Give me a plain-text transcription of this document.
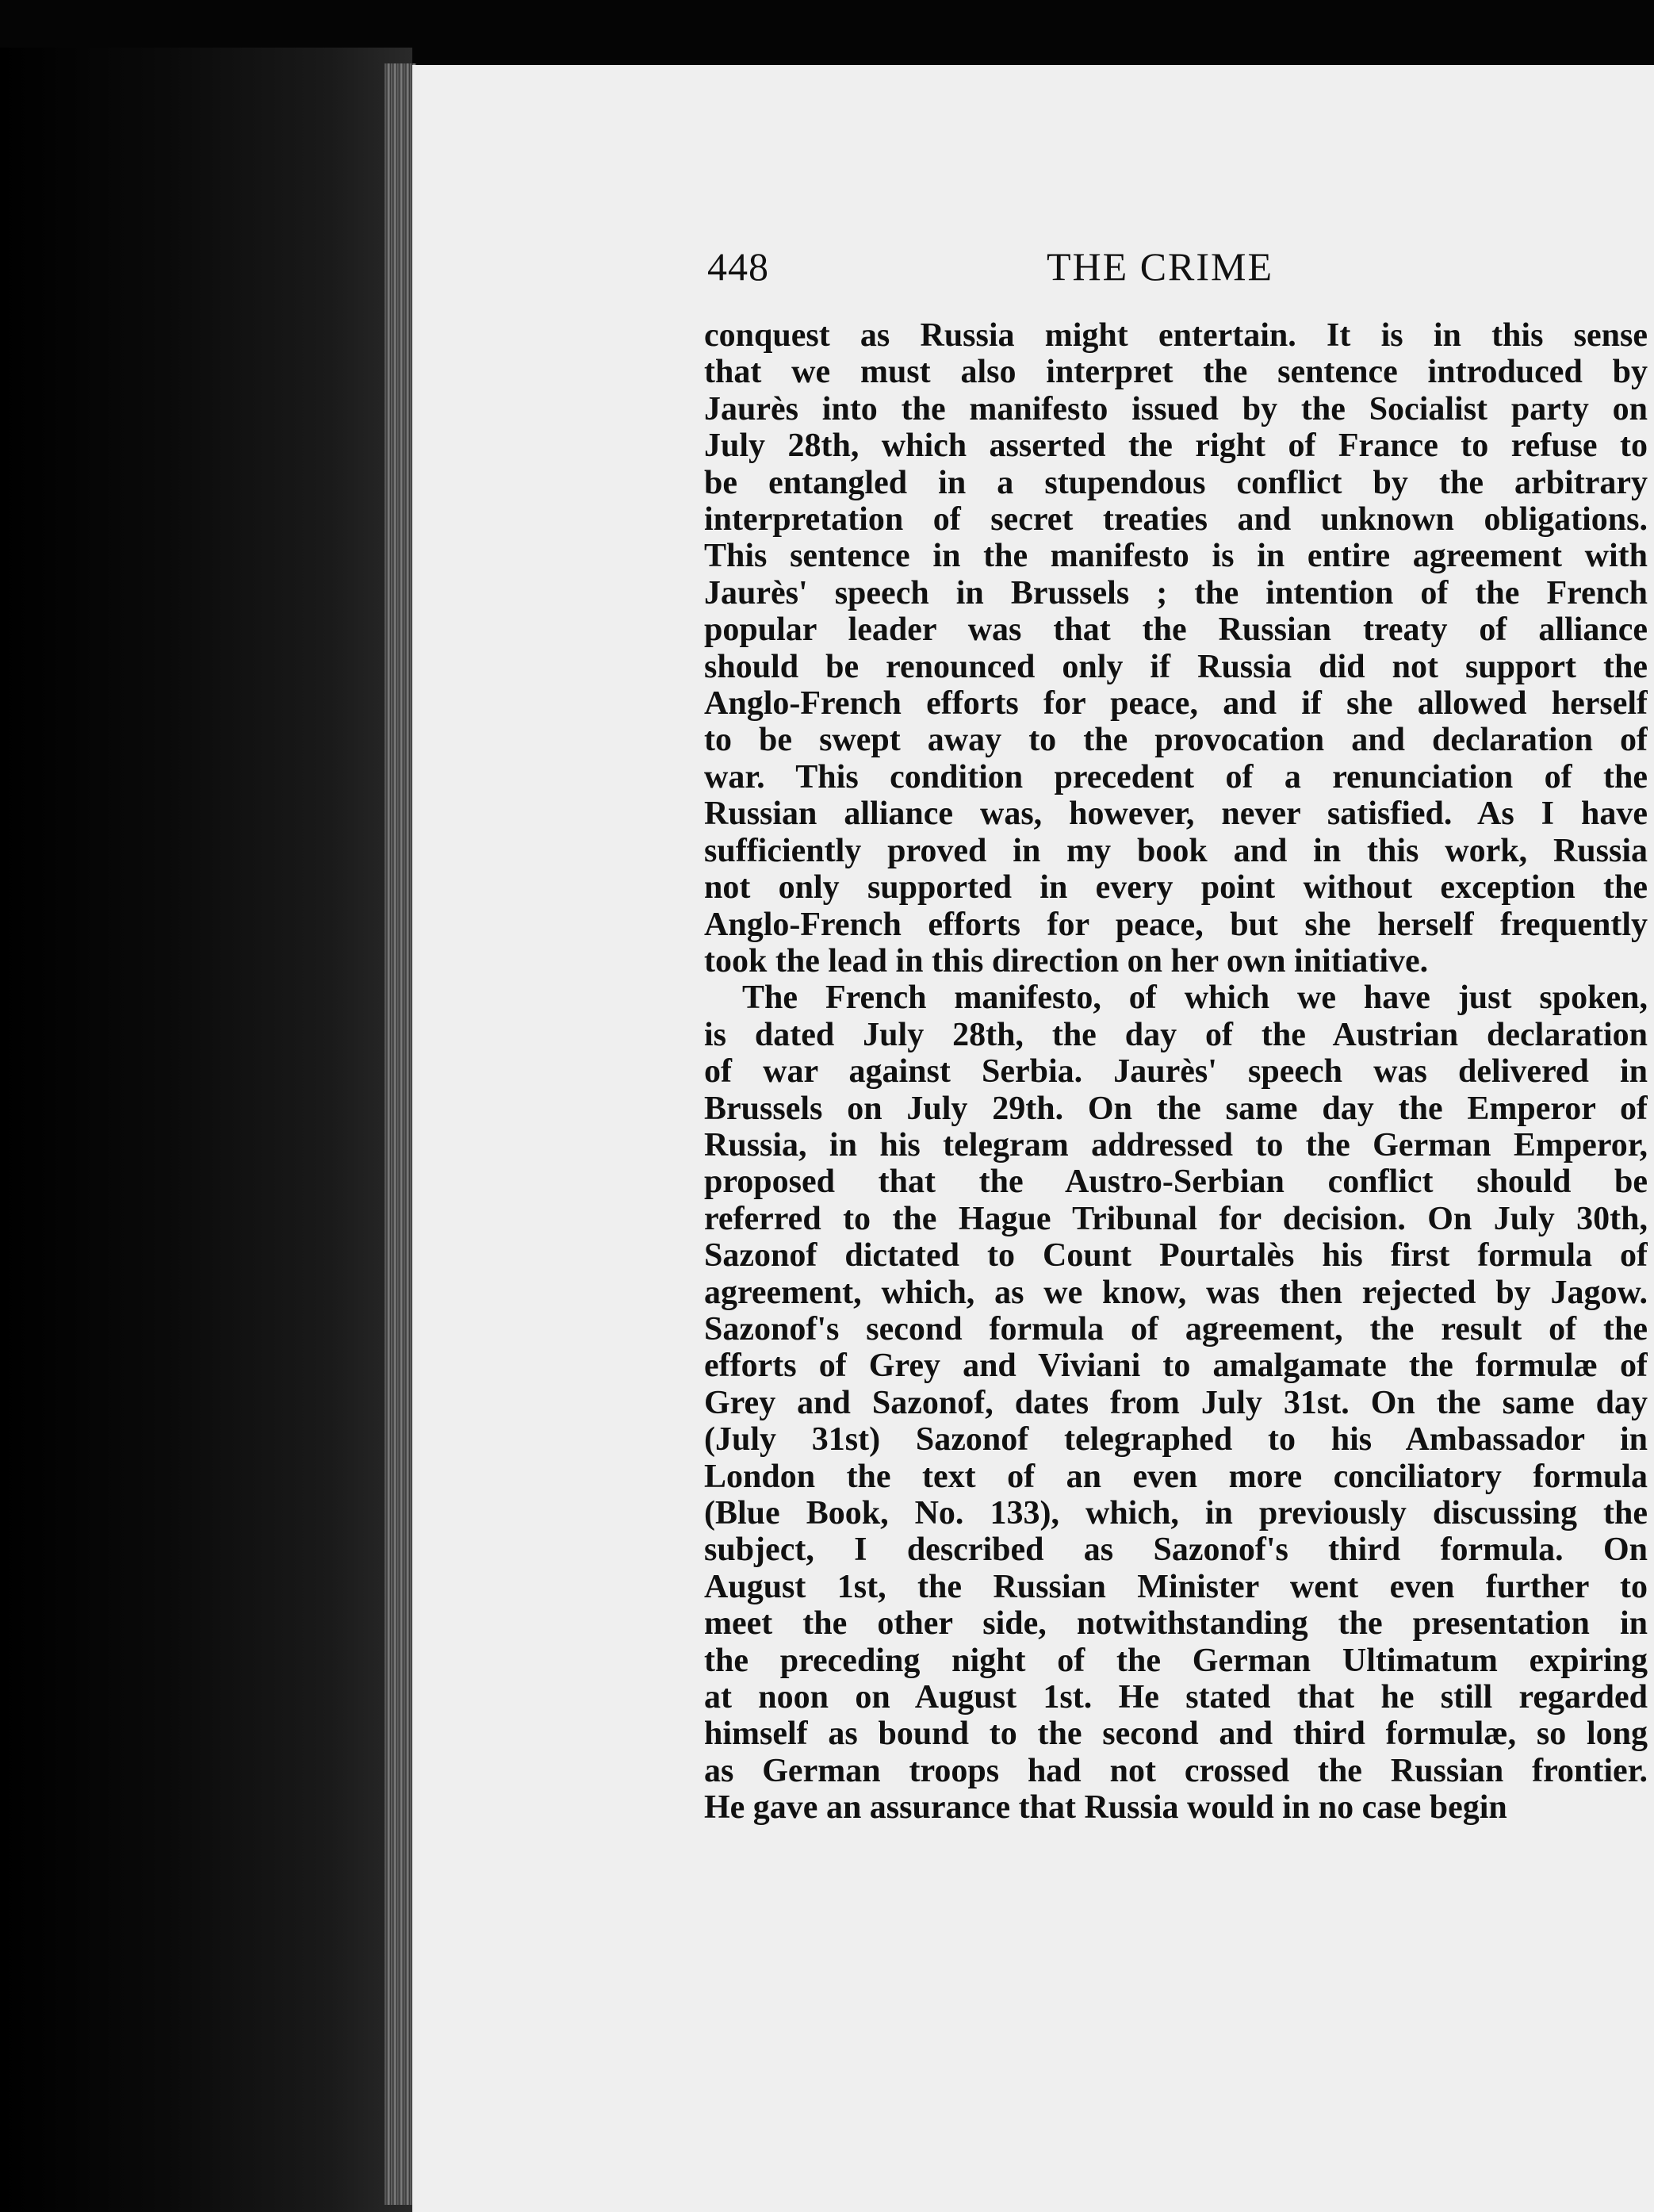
448	THE CRIME
conquest as Russia might entertain. It is in this sense
that we must also interpret the sentence introduced by
Jaurès into the manifesto issued by the Socialist party on
July 28th, which asserted the right of France to refuse to
be entangled in a stupendous conflict by the arbitrary
interpretation of secret treaties and unknown obligations.
This sentence in the manifesto is in entire agreement with
Jaurès' speech in Brussels ; the intention of the French
popular leader was that the Russian treaty of alliance
should be renounced only if Russia did not support the
Anglo-French efforts for peace, and if she allowed herself
to be swept away to the provocation and declaration of
war. This condition precedent of a renunciation of the
Russian alliance was, however, never satisfied. As I have
sufficiently proved in my book and in this work, Russia
not only supported in every point without exception the
Anglo-French efforts for peace, but she herself frequently
took the lead in this direction on her own initiative.
The French manifesto, of which we have just spoken,
is dated July 28th, the day of the Austrian declaration
of war against Serbia. Jaurès' speech was delivered in
Brussels on July 29th. On the same day the Emperor of
Russia, in his telegram addressed to the German Emperor,
proposed that the Austro-Serbian conflict should be
referred to the Hague Tribunal for decision. On July 30th,
Sazonof dictated to Count Pourtalès his first formula of
agreement, which, as we know, was then rejected by Jagow.
Sazonof's second formula of agreement, the result of the
efforts of Grey and Viviani to amalgamate the formulæ of
Grey and Sazonof, dates from July 31st. On the same day
(July 31st) Sazonof telegraphed to his Ambassador in
London the text of an even more conciliatory formula
(Blue Book, No. 133), which, in previously discussing the
subject, I described as Sazonof's third formula. On
August 1st, the Russian Minister went even further to
meet the other side, notwithstanding the presentation in
the preceding night of the German Ultimatum expiring
at noon on August 1st. He stated that he still regarded
himself as bound to the second and third formulæ, so long
as German troops had not crossed the Russian frontier.
He gave an assurance that Russia would in no case begin
